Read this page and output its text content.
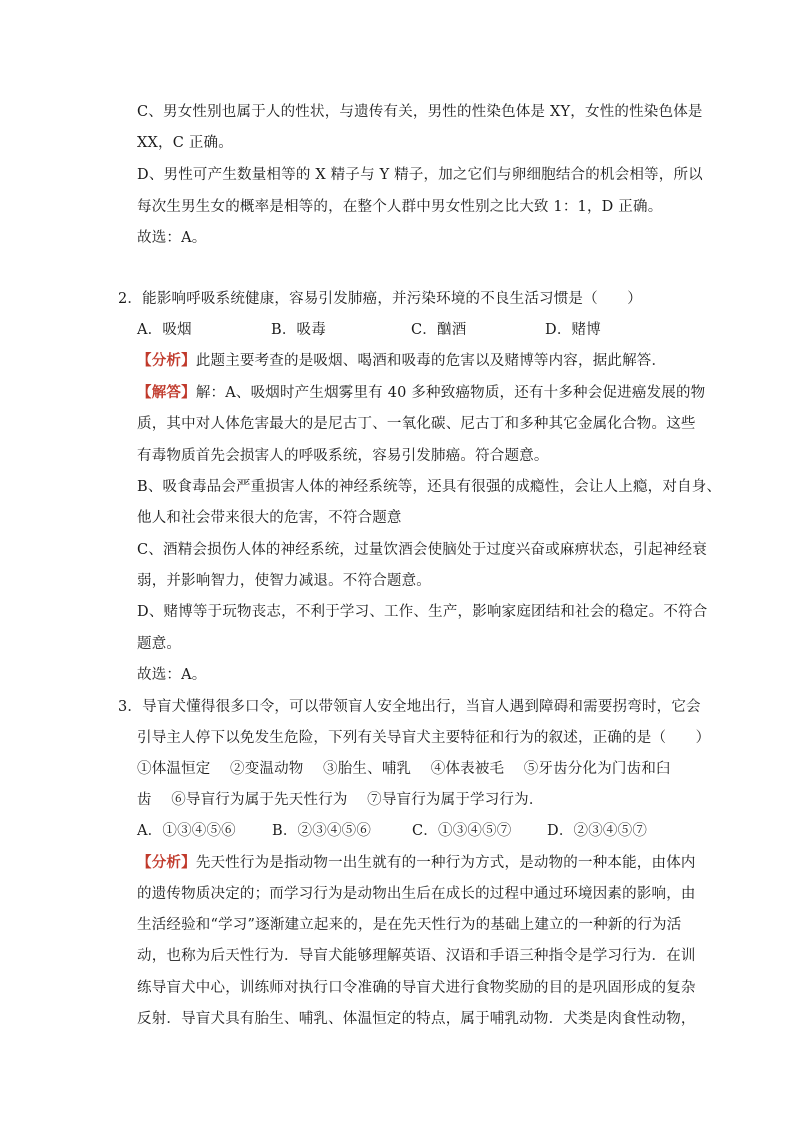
C、男女性别也属于人的性状，与遗传有关，男性的性染色体是 XY，女性的性染色体是
XX，C 正确。
D、男性可产生数量相等的 X 精子与 Y 精子，加之它们与卵细胞结合的机会相等，所以
每次生男生女的概率是相等的，在整个人群中男女性别之比大致 1：1，D 正确。
故选：A。
2．能影响呼吸系统健康，容易引发肺癌，并污染环境的不良生活习惯是（　　）
A．吸烟	B．吸毒	C．酗酒	D．赌博
【分析】此题主要考查的是吸烟、喝酒和吸毒的危害以及赌博等内容，据此解答．
【解答】解：A、吸烟时产生烟雾里有 40 多种致癌物质，还有十多种会促进癌发展的物
质，其中对人体危害最大的是尼古丁、一氧化碳、尼古丁和多种其它金属化合物。这些
有毒物质首先会损害人的呼吸系统，容易引发肺癌。符合题意。
B、吸食毒品会严重损害人体的神经系统等，还具有很强的成瘾性，会让人上瘾，对自身、
他人和社会带来很大的危害，不符合题意
C、酒精会损伤人体的神经系统，过量饮酒会使脑处于过度兴奋或麻痹状态，引起神经衰
弱，并影响智力，使智力减退。不符合题意。
D、赌博等于玩物丧志，不利于学习、工作、生产，影响家庭团结和社会的稳定。不符合
题意。
故选：A。
3．导盲犬懂得很多口令，可以带领盲人安全地出行，当盲人遇到障碍和需要拐弯时，它会
引导主人停下以免发生危险，下列有关导盲犬主要特征和行为的叙述，正确的是（　　）
①体温恒定　 ②变温动物　 ③胎生、哺乳　 ④体表被毛　 ⑤牙齿分化为门齿和臼
齿　 ⑥导盲行为属于先天性行为　 ⑦导盲行为属于学习行为．
A．①③④⑤⑥ B．②③④⑤⑥	C．①③④⑤⑦ D．②③④⑤⑦
【分析】先天性行为是指动物一出生就有的一种行为方式，是动物的一种本能，由体内
的遗传物质决定的；而学习行为是动物出生后在成长的过程中通过环境因素的影响，由
生活经验和“学习”逐渐建立起来的，是在先天性行为的基础上建立的一种新的行为活
动，也称为后天性行为．导盲犬能够理解英语、汉语和手语三种指令是学习行为．在训
练导盲犬中心，训练师对执行口令准确的导盲犬进行食物奖励的目的是巩固形成的复杂
反射．导盲犬具有胎生、哺乳、体温恒定的特点，属于哺乳动物．犬类是肉食性动物，
